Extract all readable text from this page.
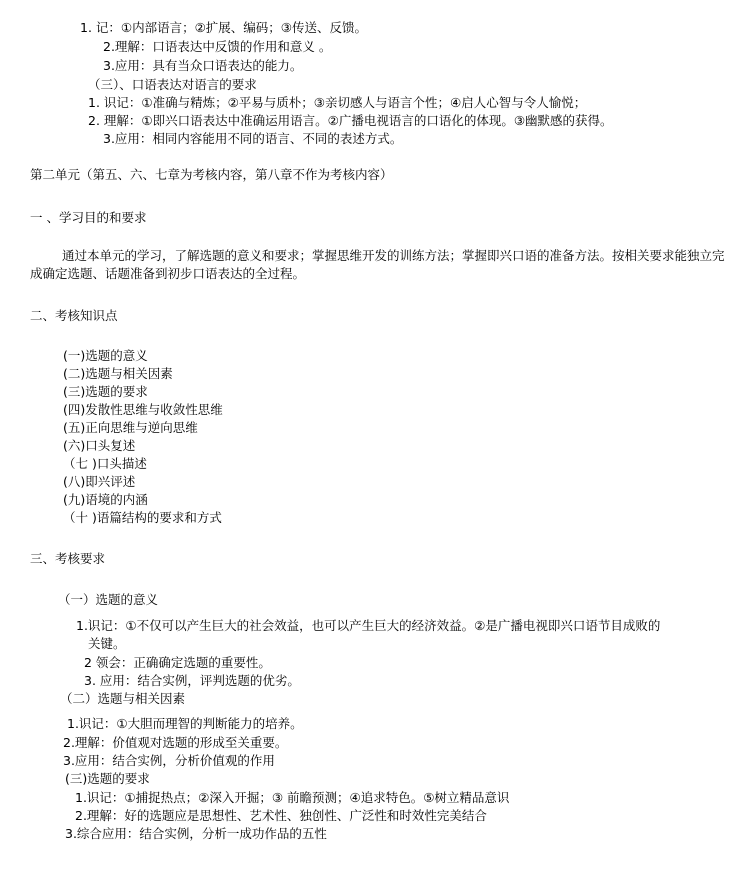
1. 记：①内部语言；②扩展、编码；③传送、反馈。
2.理解：口语表达中反馈的作用和意义 。
3.应用：具有当众口语表达的能力。
（三）、口语表达对语言的要求
1. 识记：①准确与精炼；②平易与质朴；③亲切感人与语言个性；④启人心智与令人愉悦；
2. 理解：①即兴口语表达中准确运用语言。②广播电视语言的口语化的体现。③幽默感的获得。
3.应用：相同内容能用不同的语言、不同的表述方式。
第二单元（第五、六、七章为考核内容，第八章不作为考核内容）
一 、学习目的和要求

通过本单元的学习，了解选题的意义和要求；掌握思维开发的训练方法；掌握即兴口语的准备方法。按相关要求能独立完成确定选题、话题准备到初步口语表达的全过程。

二、考核知识点
(一)选题的意义
(二)选题与相关因素
(三)选题的要求
(四)发散性思维与收敛性思维
(五)正向思维与逆向思维
(六)口头复述
（七 )口头描述
(八)即兴评述
(九)语境的内涵
（十 )语篇结构的要求和方式
三、考核要求
（一）选题的意义
1.识记：①不仅可以产生巨大的社会效益，也可以产生巨大的经济效益。②是广播电视即兴口语节目成败的
关键。
2 领会：正确确定选题的重要性。
3. 应用：结合实例，评判选题的优劣。
（二）选题与相关因素
1.识记：①大胆而理智的判断能力的培养。
2.理解：价值观对选题的形成至关重要。
3.应用：结合实例，分析价值观的作用
(三)选题的要求
1.识记：①捕捉热点；②深入开掘；③ 前瞻预测；④追求特色。⑤树立精品意识
2.理解：好的选题应是思想性、艺术性、独创性、广泛性和时效性完美结合
3.综合应用：结合实例，分析一成功作品的五性
